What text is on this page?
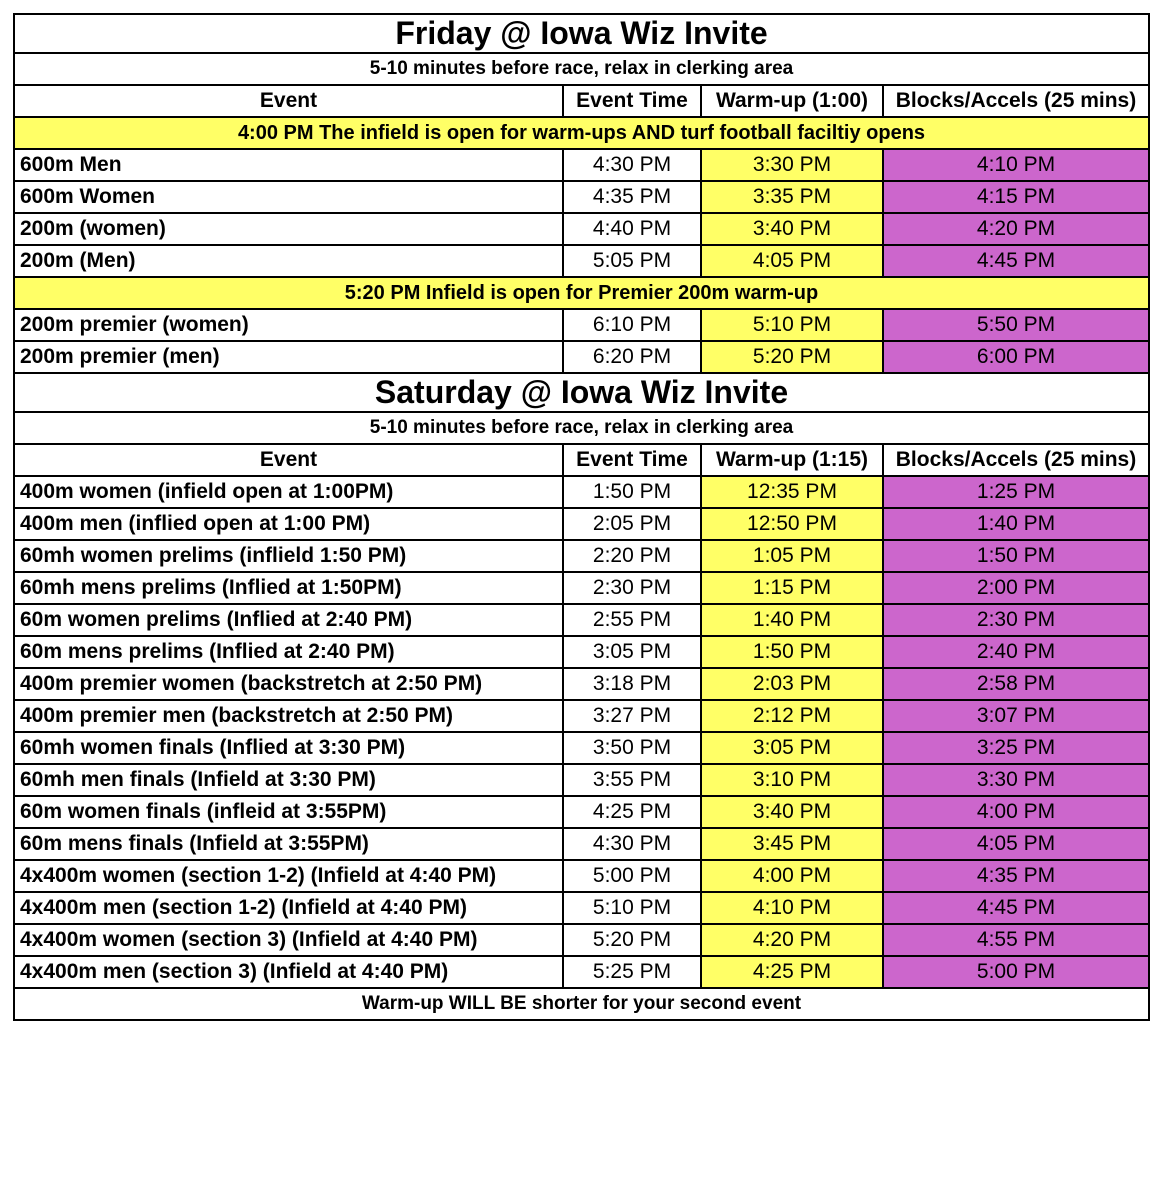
Friday @ Iowa Wiz Invite			
5-10 minutes before race, relax in clerking area			
Event	Event Time	Warm-up (1:00)	Blocks/Accels (25 mins)
4:00 PM The infield is open for warm-ups AND turf football faciltiy opens			
600m Men	4:30 PM	3:30 PM	4:10 PM
600m Women	4:35 PM	3:35 PM	4:15 PM
200m (women)	4:40 PM	3:40 PM	4:20 PM
200m (Men)	5:05 PM	4:05 PM	4:45 PM
5:20 PM Infield is open for Premier 200m warm-up			
200m premier (women)	6:10 PM	5:10 PM	5:50 PM
200m premier (men)	6:20 PM	5:20 PM	6:00 PM
Saturday @ Iowa Wiz Invite			
5-10 minutes before race, relax in clerking area			
Event	Event Time	Warm-up (1:15)	Blocks/Accels (25 mins)
400m women (infield open at 1:00PM)	1:50 PM	12:35 PM	1:25 PM
400m men (inflied open at 1:00 PM)	2:05 PM	12:50 PM	1:40 PM
60mh women prelims (inflield 1:50 PM)	2:20 PM	1:05 PM	1:50 PM
60mh mens prelims (Inflied at 1:50PM)	2:30 PM	1:15 PM	2:00 PM
60m women prelims (Inflied at 2:40 PM)	2:55 PM	1:40 PM	2:30 PM
60m mens prelims (Inflied at 2:40 PM)	3:05 PM	1:50 PM	2:40 PM
400m premier women (backstretch at 2:50 PM)	3:18 PM	2:03 PM	2:58 PM
400m premier men (backstretch at 2:50 PM)	3:27 PM	2:12 PM	3:07 PM
60mh women finals (Inflied at 3:30 PM)	3:50 PM	3:05 PM	3:25 PM
60mh men finals (Infield at 3:30 PM)	3:55 PM	3:10 PM	3:30 PM
60m women finals (infleid at 3:55PM)	4:25 PM	3:40 PM	4:00 PM
60m mens finals (Infield at 3:55PM)	4:30 PM	3:45 PM	4:05 PM
4x400m women (section 1-2) (Infield at 4:40 PM)	5:00 PM	4:00 PM	4:35 PM
4x400m men (section 1-2) (Infield at 4:40 PM)	5:10 PM	4:10 PM	4:45 PM
4x400m women (section 3) (Infield at 4:40 PM)	5:20 PM	4:20 PM	4:55 PM
4x400m men (section 3) (Infield at 4:40 PM)	5:25 PM	4:25 PM	5:00 PM
Warm-up WILL BE shorter for your second event			
